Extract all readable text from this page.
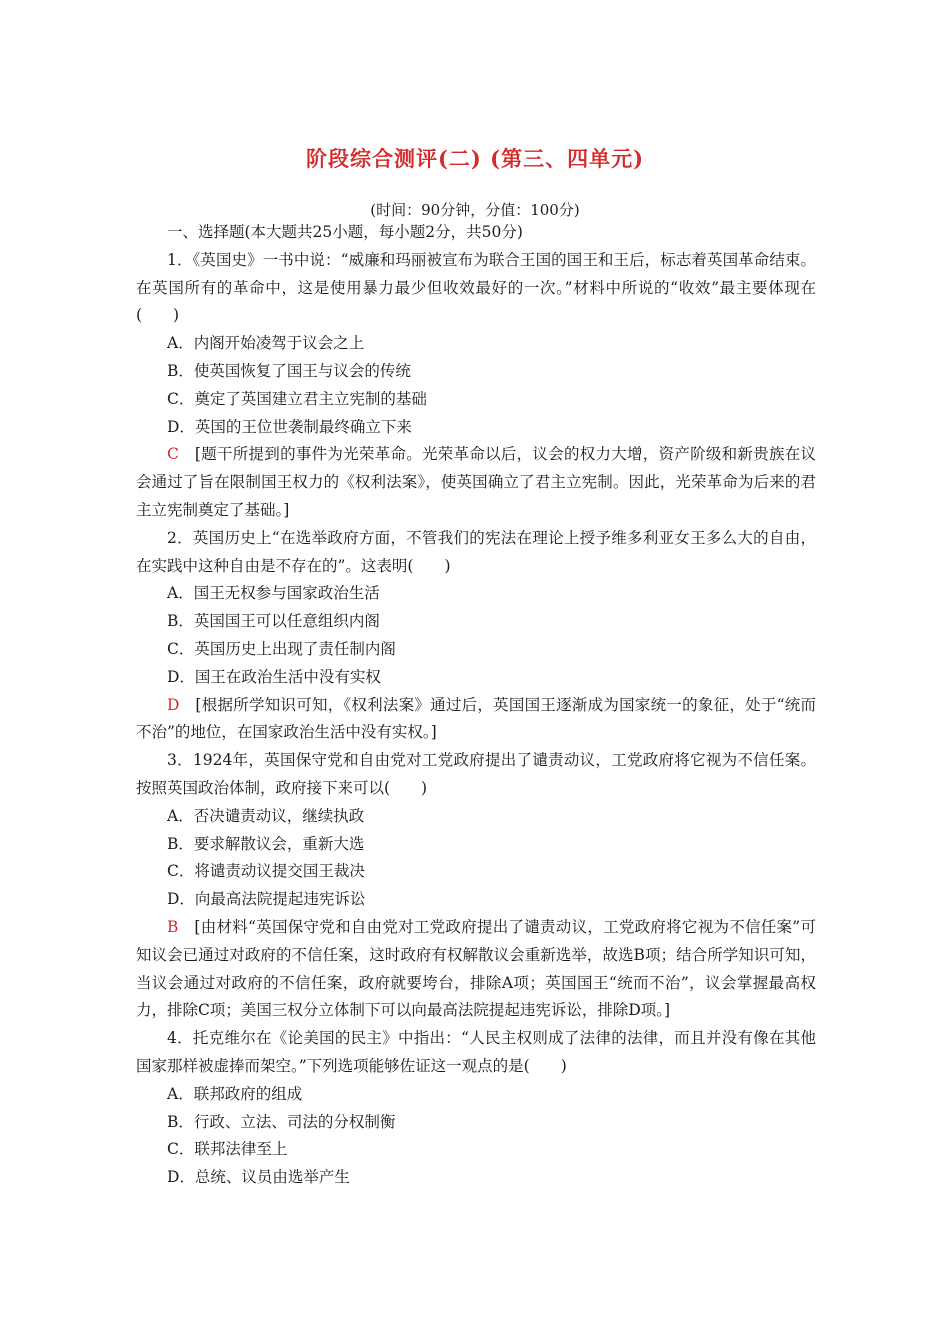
阶段综合测评(二) (第三、四单元)
(时间：90分钟，分值：100分)

一、选择题(本大题共25小题，每小题2分，共50分)

1．《英国史》一书中说：“威廉和玛丽被宣布为联合王国的国王和王后，标志着英国革命结束。在英国所有的革命中，这是使用暴力最少但收效最好的一次。”材料中所说的“收效”最主要体现在(　　)

A．内阁开始凌驾于议会之上

B．使英国恢复了国王与议会的传统

C．奠定了英国建立君主立宪制的基础

D．英国的王位世袭制最终确立下来

C　[题干所提到的事件为光荣革命。光荣革命以后，议会的权力大增，资产阶级和新贵族在议会通过了旨在限制国王权力的《权利法案》，使英国确立了君主立宪制。因此，光荣革命为后来的君主立宪制奠定了基础。]

2．英国历史上“在选举政府方面，不管我们的宪法在理论上授予维多利亚女王多么大的自由，在实践中这种自由是不存在的”。这表明(　　)

A．国王无权参与国家政治生活

B．英国国王可以任意组织内阁

C．英国历史上出现了责任制内阁

D．国王在政治生活中没有实权

D　[根据所学知识可知，《权利法案》通过后，英国国王逐渐成为国家统一的象征，处于“统而不治”的地位，在国家政治生活中没有实权。]

3．1924年，英国保守党和自由党对工党政府提出了谴责动议，工党政府将它视为不信任案。按照英国政治体制，政府接下来可以(　　)

A．否决谴责动议，继续执政

B．要求解散议会，重新大选

C．将谴责动议提交国王裁决

D．向最高法院提起违宪诉讼

B　[由材料“英国保守党和自由党对工党政府提出了谴责动议，工党政府将它视为不信任案”可知议会已通过对政府的不信任案，这时政府有权解散议会重新选举，故选B项；结合所学知识可知，当议会通过对政府的不信任案，政府就要垮台，排除A项；英国国王“统而不治”，议会掌握最高权力，排除C项；美国三权分立体制下可以向最高法院提起违宪诉讼，排除D项。]

4．托克维尔在《论美国的民主》中指出：“人民主权则成了法律的法律，而且并没有像在其他国家那样被虚捧而架空。”下列选项能够佐证这一观点的是(　　)

A．联邦政府的组成

B．行政、立法、司法的分权制衡

C．联邦法律至上

D．总统、议员由选举产生
